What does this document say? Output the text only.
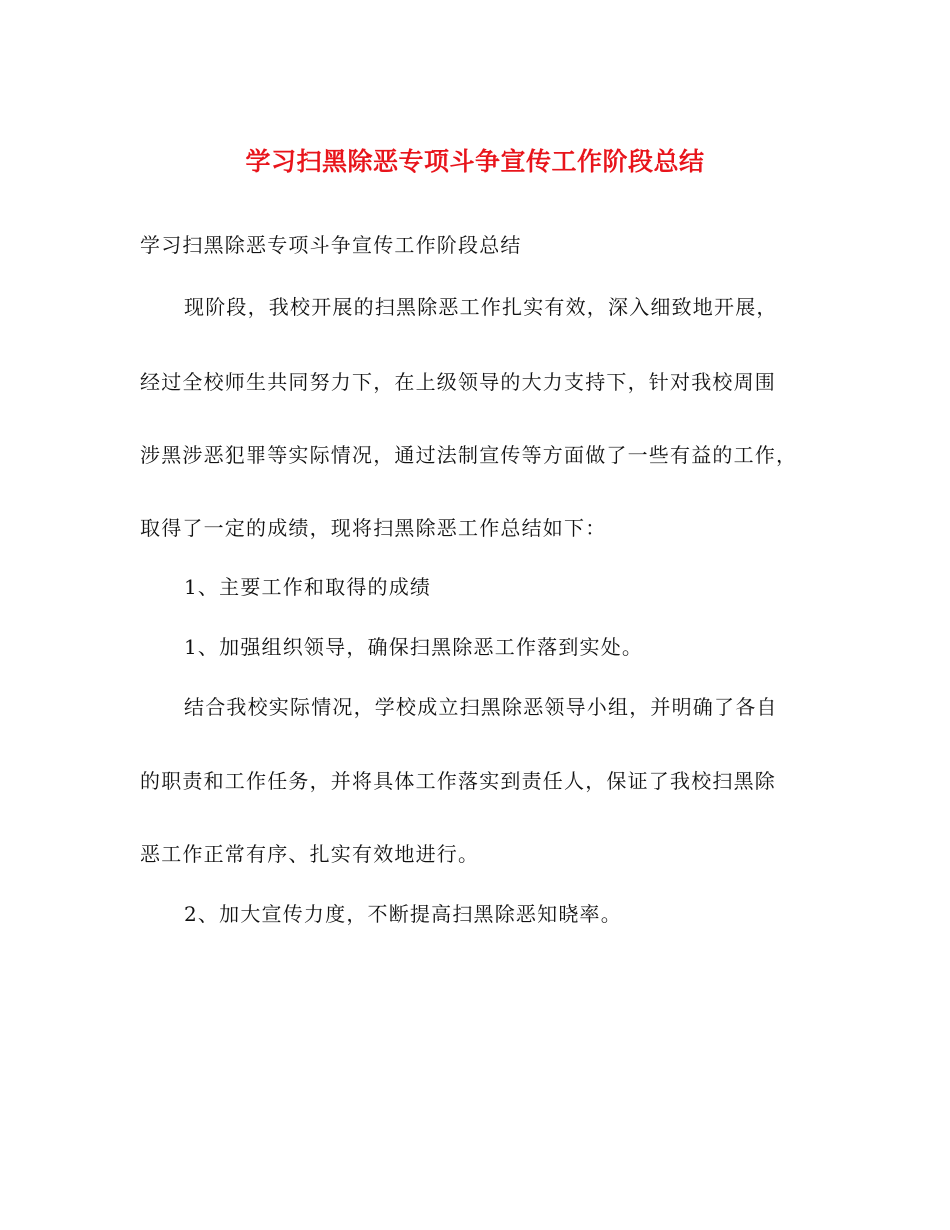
学习扫黑除恶专项斗争宣传工作阶段总结
学习扫黑除恶专项斗争宣传工作阶段总结
现阶段，我校开展的扫黑除恶工作扎实有效，深入细致地开展，
经过全校师生共同努力下，在上级领导的大力支持下，针对我校周围
涉黑涉恶犯罪等实际情况，通过法制宣传等方面做了一些有益的工作，
取得了一定的成绩，现将扫黑除恶工作总结如下：
1、主要工作和取得的成绩
1、加强组织领导，确保扫黑除恶工作落到实处。
结合我校实际情况，学校成立扫黑除恶领导小组，并明确了各自
的职责和工作任务，并将具体工作落实到责任人，保证了我校扫黑除
恶工作正常有序、扎实有效地进行。
2、加大宣传力度，不断提高扫黑除恶知晓率。
